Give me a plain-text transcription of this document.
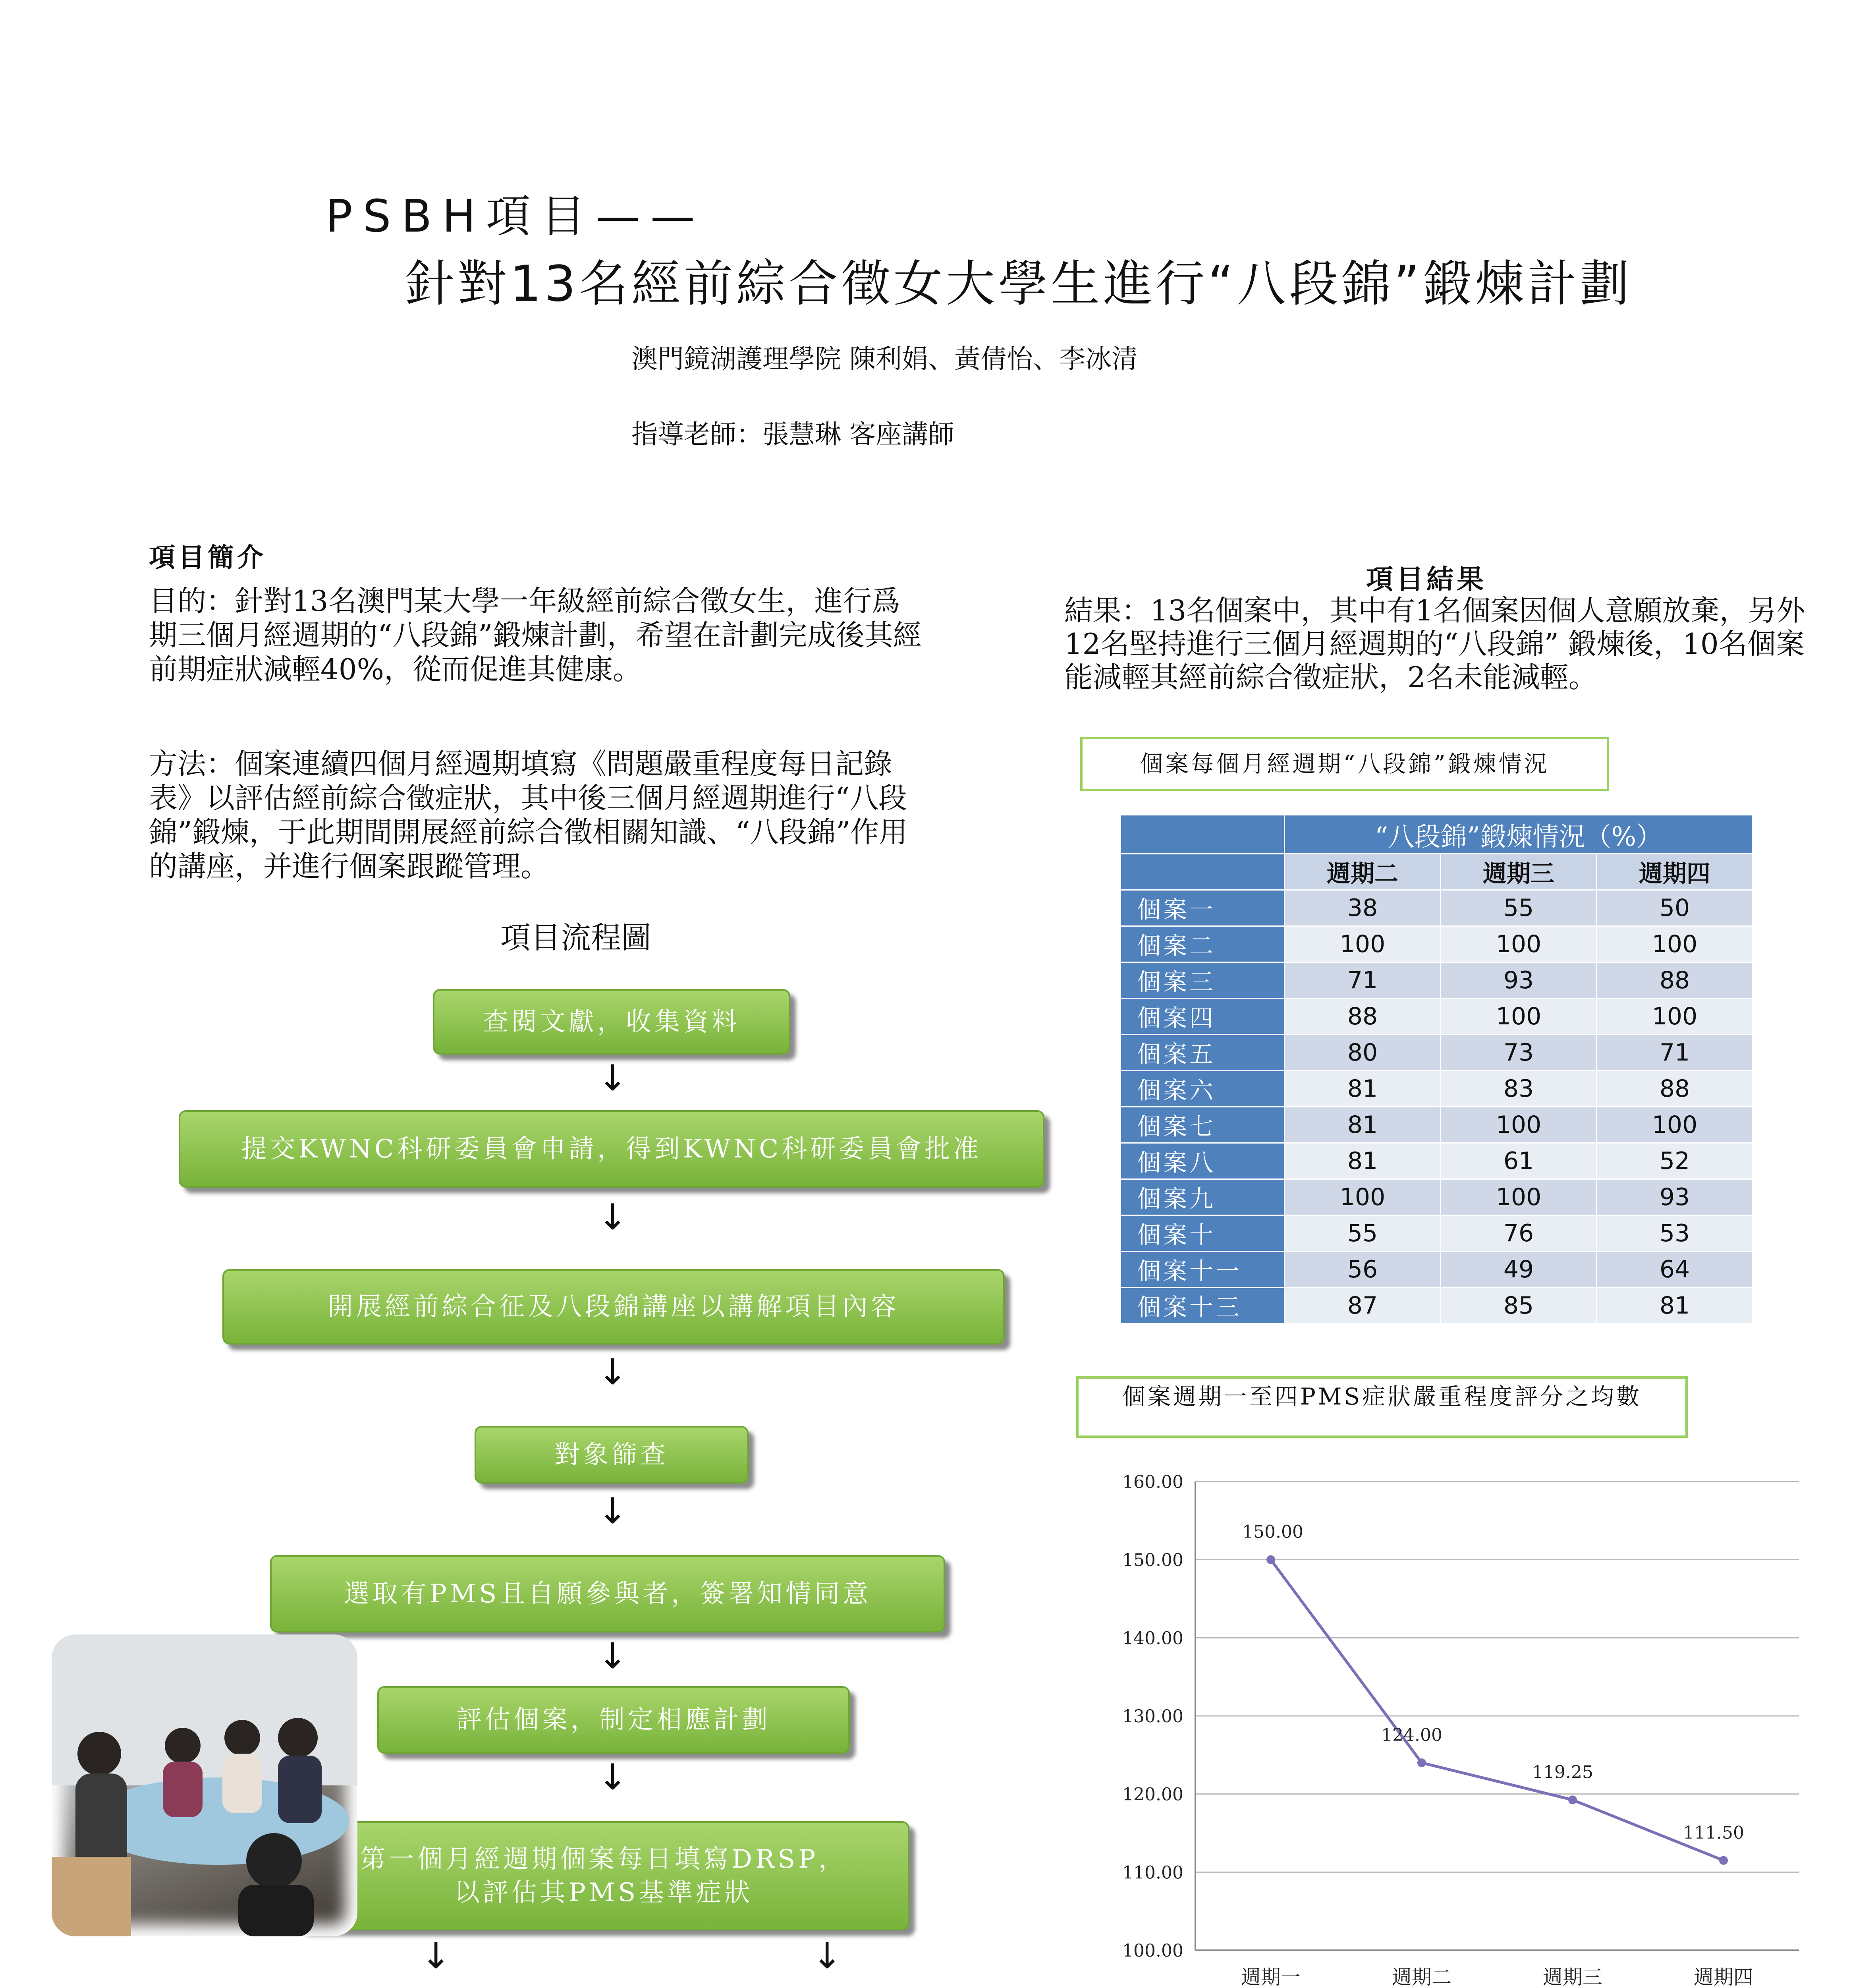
PSBH項目——
針對13名經前綜合徵女大學生進行“八段錦”鍛煉計劃
澳門鏡湖護理學院 陳利娟、黃倩怡、李冰清
指導老師：張慧琳 客座講師
項目簡介
目的：針對13名澳門某大學一年級經前綜合徵女生，進行爲期三個月經週期的“八段錦”鍛煉計劃，希望在計劃完成後其經前期症狀減輕40%，從而促進其健康。
方法：個案連續四個月經週期填寫《問題嚴重程度每日記錄表》以評估經前綜合徵症狀，其中後三個月經週期進行“八段錦”鍛煉，于此期間開展經前綜合徵相關知識、“八段錦”作用的講座，并進行個案跟蹤管理。
項目流程圖
查閱文獻，收集資料
↓
提交KWNC科研委員會申請，得到KWNC科研委員會批准
↓
開展經前綜合征及八段錦講座以講解項目內容
↓
對象篩查
↓
選取有PMS且自願參與者，簽署知情同意
↓
評估個案，制定相應計劃
↓
第一個月經週期個案每日填寫DRSP，
以評估其PMS基準症狀
↓	↓
項目結果
結果：13名個案中，其中有1名個案因個人意願放棄，另外12名堅持進行三個月經週期的“八段錦” 鍛煉後，10名個案能減輕其經前綜合徵症狀，2名未能減輕。
個案每個月經週期“八段錦”鍛煉情況
	“八段錦”鍛煉情況（%）		
	週期二	週期三	週期四
個案一	38	55	50
個案二	100	100	100
個案三	71	93	88
個案四	88	100	100
個案五	80	73	71
個案六	81	83	88
個案七	81	100	100
個案八	81	61	52
個案九	100	100	93
個案十	55	76	53
個案十一	56	49	64
個案十三	87	85	81
個案週期一至四PMS症狀嚴重程度評分之均數
100.00
110.00
120.00
130.00
140.00
150.00
160.00
週期一	週期二	週期三	週期四
150.00
124.00
119.25
111.50
